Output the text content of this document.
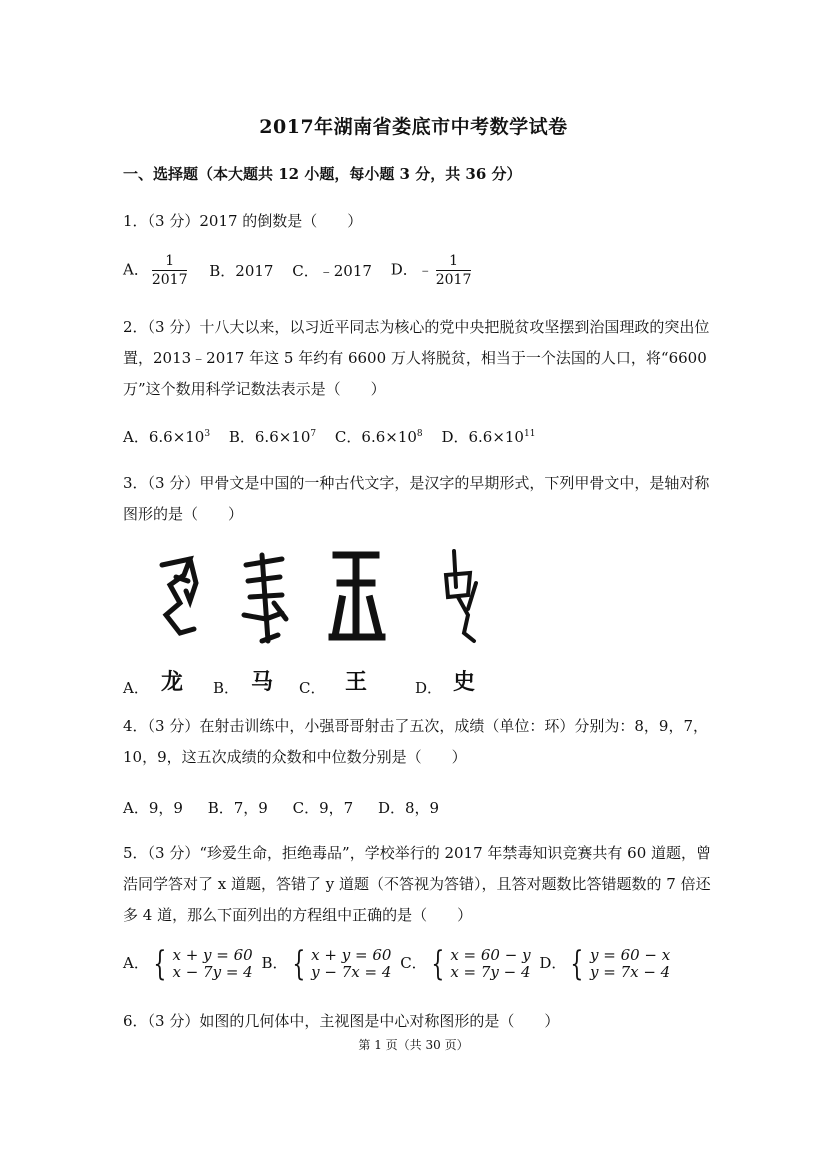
2017年湖南省娄底市中考数学试卷
一、选择题（本大题共 12 小题，每小题 3 分，共 36 分）
1．（3 分）2017 的倒数是（　　）
A． $\frac{1}{2017}$ B．2017 C．﹣2017 D．﹣ $\frac{1}{2017}$
2．（3 分）十八大以来，以习近平同志为核心的党中央把脱贫攻坚摆到治国理政的突出位置，2013﹣2017 年这 5 年约有 6600 万人将脱贫，相当于一个法国的人口，将“6600 万”这个数用科学记数法表示是（　　）
A．$6.6\times 10^3$ B．$6.6\times 10^7$ C．$6.6\times 10^8$ D．$6.6\times 10^{11}$
3．（3 分）甲骨文是中国的一种古代文字，是汉字的早期形式，下列甲骨文中，是轴对称图形的是（　　）
A． 龙 B． 马 C． 王	D． 史
4．（3 分）在射击训练中，小强哥哥射击了五次，成绩（单位：环）分别为：8，9，7，10，9，这五次成绩的众数和中位数分别是（　　）
A．9，9 B．7，9 C．9，7 D．8，9
5．（3 分）“珍爱生命，拒绝毒品”，学校举行的 2017 年禁毒知识竞赛共有 60 道题，曾浩同学答对了 x 道题，答错了 y 道题（不答视为答错），且答对题数比答错题数的 7 倍还多 4 道，那么下面列出的方程组中正确的是（　　）
A． { x + y = 60
x − 7y = 4 B． { x + y = 60
y − 7x = 4 C． { x = 60 − y
x = 7y − 4 D． { y = 60 − x
y = 7x − 4
6．（3 分）如图的几何体中，主视图是中心对称图形的是（　　）
第 1 页（共 30 页）
